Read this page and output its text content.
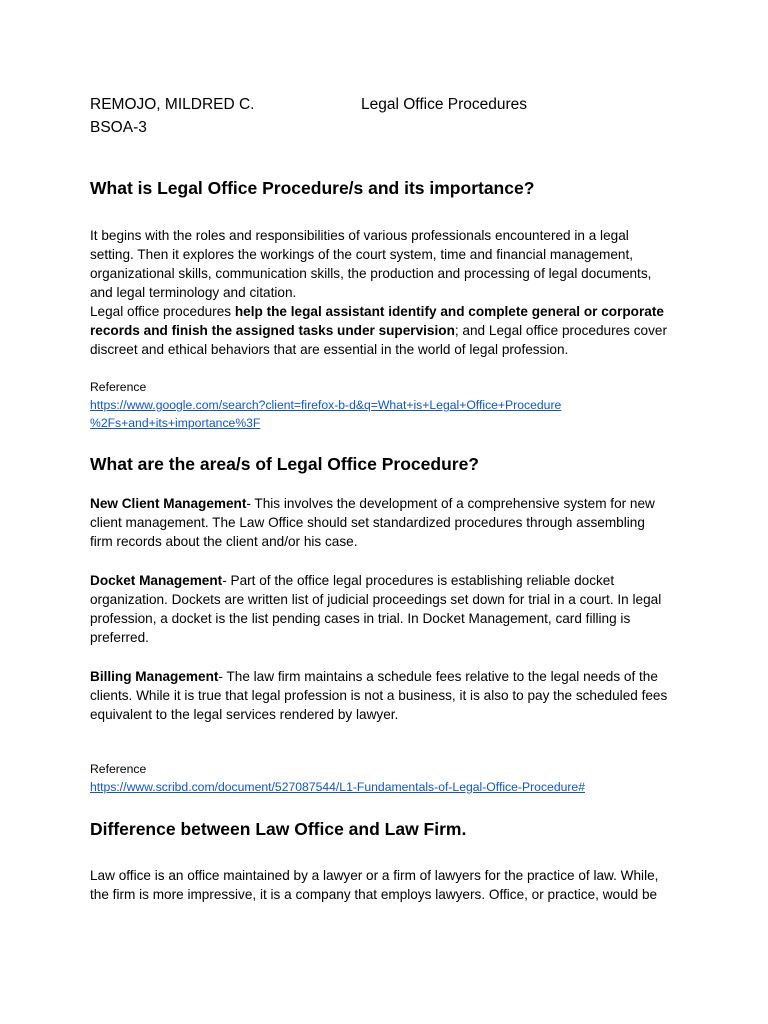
REMOJO, MILDRED C.	Legal Office Procedures

BSOA-3

What is Legal Office Procedure/s and its importance?

It begins with the roles and responsibilities of various professionals encountered in a legal

setting. Then it explores the workings of the court system, time and financial management,

organizational skills, communication skills, the production and processing of legal documents,

and legal terminology and citation.

Legal office procedures help the legal assistant identify and complete general or corporate

records and finish the assigned tasks under supervision; and Legal office procedures cover

discreet and ethical behaviors that are essential in the world of legal profession.

Reference

https://www.google.com/search?client=firefox-b-d&q=What+is+Legal+Office+Procedure

%2Fs+and+its+importance%3F

What are the area/s of Legal Office Procedure?

New Client Management- This involves the development of a comprehensive system for new

client management. The Law Office should set standardized procedures through assembling

firm records about the client and/or his case.

Docket Management- Part of the office legal procedures is establishing reliable docket

organization. Dockets are written list of judicial proceedings set down for trial in a court. In legal

profession, a docket is the list pending cases in trial. In Docket Management, card filling is

preferred.

Billing Management- The law firm maintains a schedule fees relative to the legal needs of the

clients. While it is true that legal profession is not a business, it is also to pay the scheduled fees

equivalent to the legal services rendered by lawyer.

Reference

https://www.scribd.com/document/527087544/L1-Fundamentals-of-Legal-Office-Procedure#

Difference between Law Office and Law Firm.

Law office is an office maintained by a lawyer or a firm of lawyers for the practice of law. While,

the firm is more impressive, it is a company that employs lawyers. Office, or practice, would be
